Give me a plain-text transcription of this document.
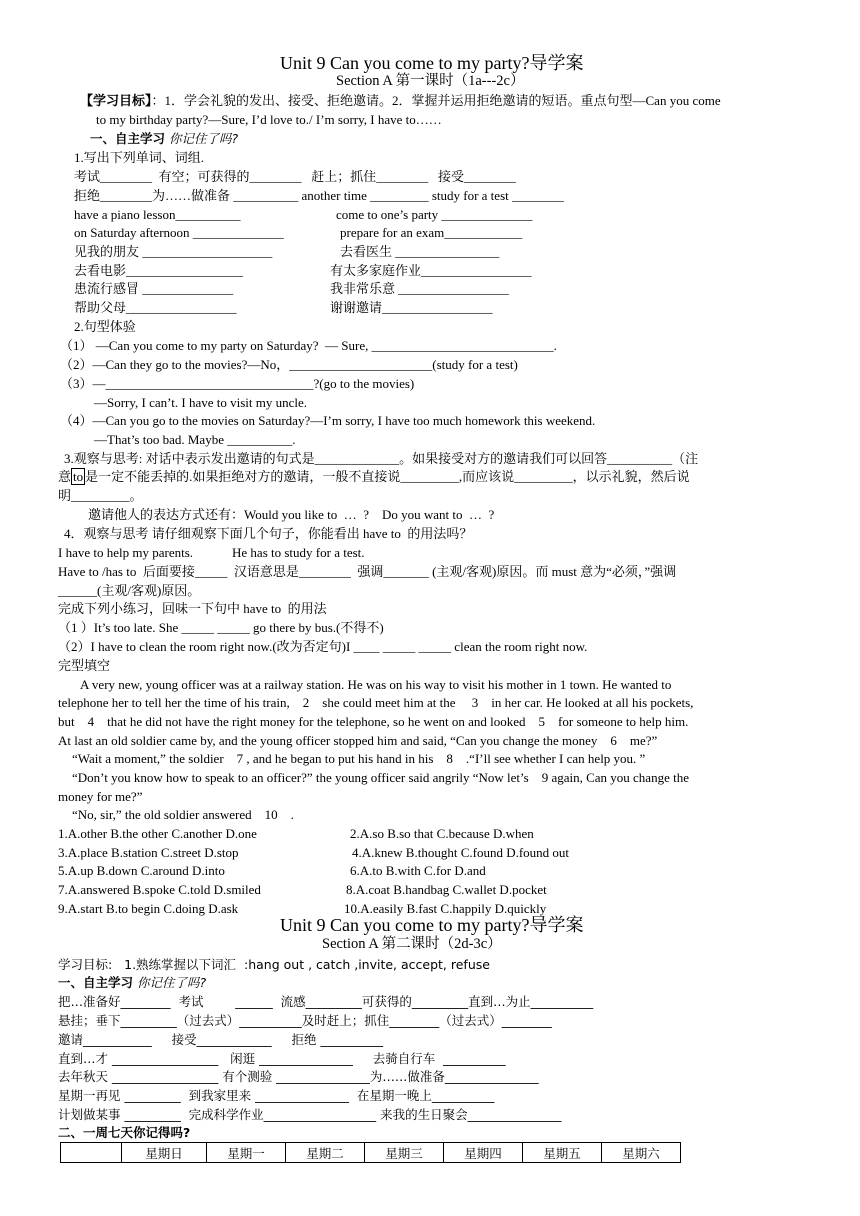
Unit 9 Can you come to my party?导学案
Section A 第一课时（1a---2c）
【学习目标】：1．学会礼貌的发出、接受、拒绝邀请。2．掌握并运用拒绝邀请的短语。重点句型—Can you come
to my birthday party?—Sure, I’d love to./ I’m sorry, I have to……
一、自主学习 你记住了吗?
1.写出下列单词、词组.
考试________  有空；可获得的________   赶上；抓住________   接受________
拒绝________为……做准备 __________ another time _________ study for a test ________
have a piano lesson__________	come to one’s party ______________
on Saturday afternoon ______________	prepare for an exam____________
见我的朋友 ____________________	去看医生 ________________
去看电影__________________	有太多家庭作业_________________
患流行感冒 ______________	我非常乐意 _________________
帮助父母_________________	谢谢邀请_________________
2.句型体验
（1） —Can you come to my party on Saturday?  — Sure, ____________________________.
（2）—Can they go to the movies?—No，______________________(study for a test)
（3）—________________________________?(go to the movies)
—Sorry, I can’t. I have to visit my uncle.
（4）—Can you go to the movies on Saturday?—I’m sorry, I have too much homework this weekend.
—That’s too bad. Maybe __________.
3.观察与思考: 对话中表示发出邀请的句式是_____________。如果接受对方的邀请我们可以回答__________（注
意 to 是一定不能丢掉的.如果拒绝对方的邀请，一般不直接说_________,而应该说_________，以示礼貌，然后说
明_________。
邀请他人的表达方式还有：Would you like to  …  ?    Do you want to  …  ?
4．观察与思考 请仔细观察下面几个句子，你能看出 have to  的用法吗？
I have to help my parents.            He has to study for a test.
Have to /has to  后面要接_____  汉语意思是________  强调_______ (主观/客观)原因。而 must 意为“必须，”强调
______(主观/客观)原因。
完成下列小练习，回味一下句中 have to  的用法
（1 ）It’s too late. She _____ _____ go there by bus.(不得不)
（2）I have to clean the room right now.(改为否定句)I ____ _____ _____ clean the room right now.
完型填空
A very new, young officer was at a railway station. He was on his way to visit his mother in 1 town. He wanted to
telephone her to tell her the time of his train,    2    she could meet him at the     3    in her car. He looked at all his pockets,
but    4    that he did not have the right money for the telephone, so he went on and looked    5    for someone to help him.
At last an old soldier came by, and the young officer stopped him and said, “Can you change the money    6    me?”
“Wait a moment,” the soldier    7 , and he began to put his hand in his    8    .“I’ll see whether I can help you. ”
“Don’t you know how to speak to an officer?” the young officer said angrily “Now let’s    9 again, Can you change the
money for me?”
“No, sir,” the old soldier answered    10    .
1.A.other B.the other C.another D.one	2.A.so B.so that C.because D.when
3.A.place B.station C.street D.stop	4.A.knew B.thought C.found D.found out
5.A.up B.down C.around D.into	6.A.to B.with C.for D.and
7.A.answered B.spoke C.told D.smiled	8.A.coat B.handbag C.wallet D.pocket
9.A.start B.to begin C.doing D.ask	10.A.easily B.fast C.happily D.quickly
Unit 9 Can you come to my party?导学案
Section A 第二课时（2d-3c）
学习目标:   1.熟练掌握以下词汇  :hang out , catch ,invite, accept, refuse
一、自主学习 你记住了吗?
把…准备好________  考试        ______  流感_________可获得的_________直到…为止__________
悬挂；垂下_________（过去式）__________及时赶上；抓住________（过去式）________
邀请___________     接受____________     拒绝 __________
直到…才 _________________   闲逛 _______________     去骑自行车  __________
去年秋天 _________________ 有个测验 _______________为……做准备_______________
星期一再见 _________  到我家里来 _______________  在星期一晚上__________
计划做某事 _________  完成科学作业__________________ 来我的生日聚会_______________
二、一周七天你记得吗?
	星期日	星期一	星期二	星期三	星期四	星期五	星期六
